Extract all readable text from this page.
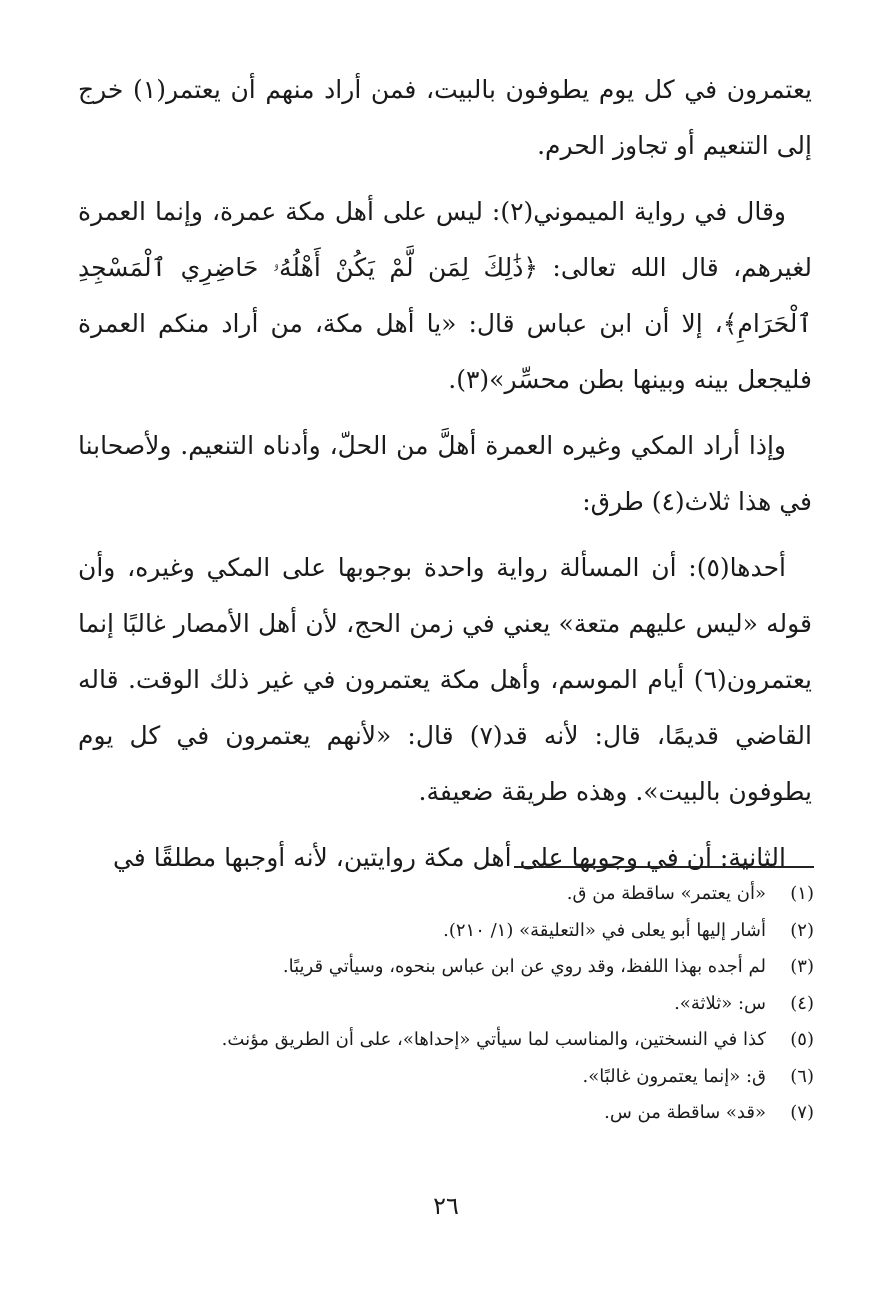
يعتمرون في كل يوم يطوفون بالبيت، فمن أراد منهم أن يعتمر(١) خرج إلى التنعيم أو تجاوز الحرم.

وقال في رواية الميموني(٢): ليس على أهل مكة عمرة، وإنما العمرة لغيرهم، قال الله تعالى: ﴿ذَٰلِكَ لِمَن لَّمْ يَكُنْ أَهْلُهُۥ حَاضِرِي ٱلْمَسْجِدِ ٱلْحَرَامِ﴾، إلا أن ابن عباس قال: «يا أهل مكة، من أراد منكم العمرة فليجعل بينه وبينها بطن محسِّر»(٣).

وإذا أراد المكي وغيره العمرة أهلَّ من الحلّ، وأدناه التنعيم. ولأصحابنا في هذا ثلاث(٤) طرق:

أحدها(٥): أن المسألة رواية واحدة بوجوبها على المكي وغيره، وأن قوله «ليس عليهم متعة» يعني في زمن الحج، لأن أهل الأمصار غالبًا إنما يعتمرون(٦) أيام الموسم، وأهل مكة يعتمرون في غير ذلك الوقت. قاله القاضي قديمًا، قال: لأنه قد(٧) قال: «لأنهم يعتمرون في كل يوم يطوفون بالبيت». وهذه طريقة ضعيفة.

الثانية: أن في وجوبها على أهل مكة روايتين، لأنه أوجبها مطلقًا في

(١)
«أن يعتمر» ساقطة من ق.
(٢)
أشار إليها أبو يعلى في «التعليقة» (١/ ٢١٠).
(٣)
لم أجده بهذا اللفظ، وقد روي عن ابن عباس بنحوه، وسيأتي قريبًا.
(٤)
س: «ثلاثة».
(٥)
كذا في النسختين، والمناسب لما سيأتي «إحداها»، على أن الطريق مؤنث.
(٦)
ق: «إنما يعتمرون غالبًا».
(٧)
«قد» ساقطة من س.
٢٦
